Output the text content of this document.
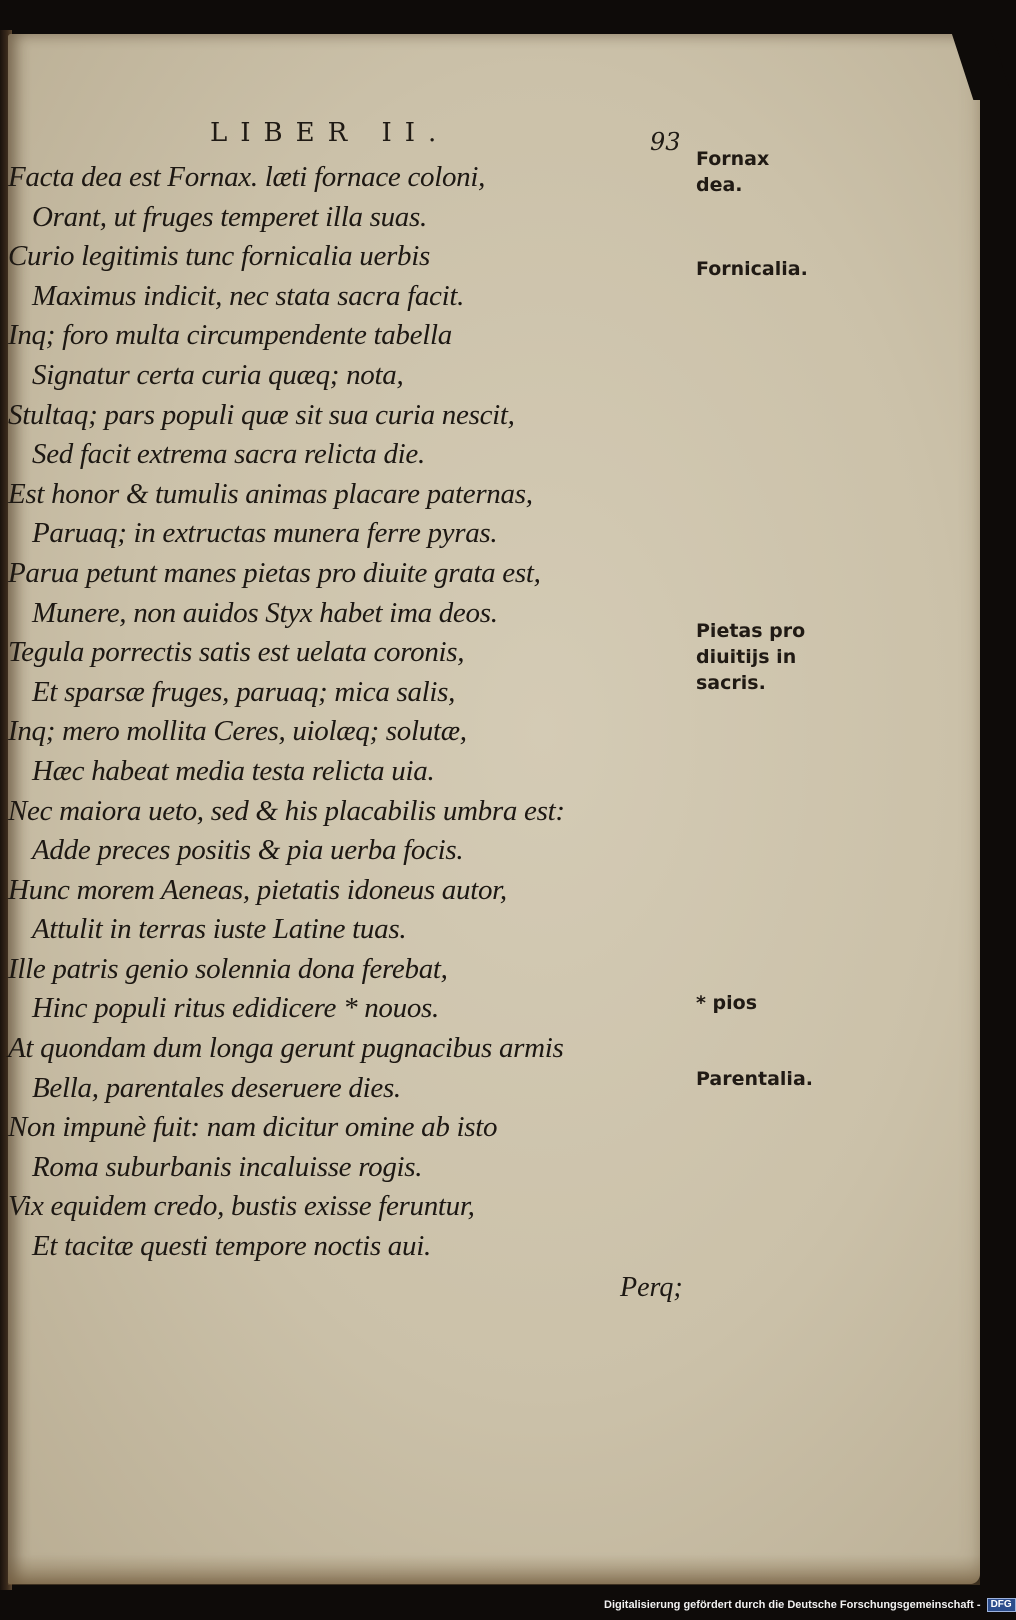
LIBER II.	93
Facta dea est Fornax. læti fornace coloni,
Orant, ut fruges temperet illa suas.
Curio legitimis tunc fornicalia uerbis
Maximus indicit, nec stata sacra facit.
Inq; foro multa circumpendente tabella
Signatur certa curia quæq; nota,
Stultaq; pars populi quæ sit sua curia nescit,
Sed facit extrema sacra relicta die.
Est honor & tumulis animas placare paternas,
Paruaq; in extructas munera ferre pyras.
Parua petunt manes pietas pro diuite grata est,
Munere, non auidos Styx habet ima deos.
Tegula porrectis satis est uelata coronis,
Et sparsæ fruges, paruaq; mica salis,
Inq; mero mollita Ceres, uiolæq; solutæ,
Hæc habeat media testa relicta uia.
Nec maiora ueto, sed & his placabilis umbra est:
Adde preces positis & pia uerba focis.
Hunc morem Aeneas, pietatis idoneus autor,
Attulit in terras iuste Latine tuas.
Ille patris genio solennia dona ferebat,
Hinc populi ritus edidicere * nouos.
At quondam dum longa gerunt pugnacibus armis
Bella, parentales deseruere dies.
Non impunè fuit: nam dicitur omine ab isto
Roma suburbanis incaluisse rogis.
Vix equidem credo, bustis exisse feruntur,
Et tacitæ questi tempore noctis aui.
Fornax
dea.
Fornicalia.
Pietas pro
diuitijs in
sacris.
* pios
Parentalia.
Perq;
Digitalisierung gefördert durch die Deutsche Forschungsgemeinschaft - DFG
